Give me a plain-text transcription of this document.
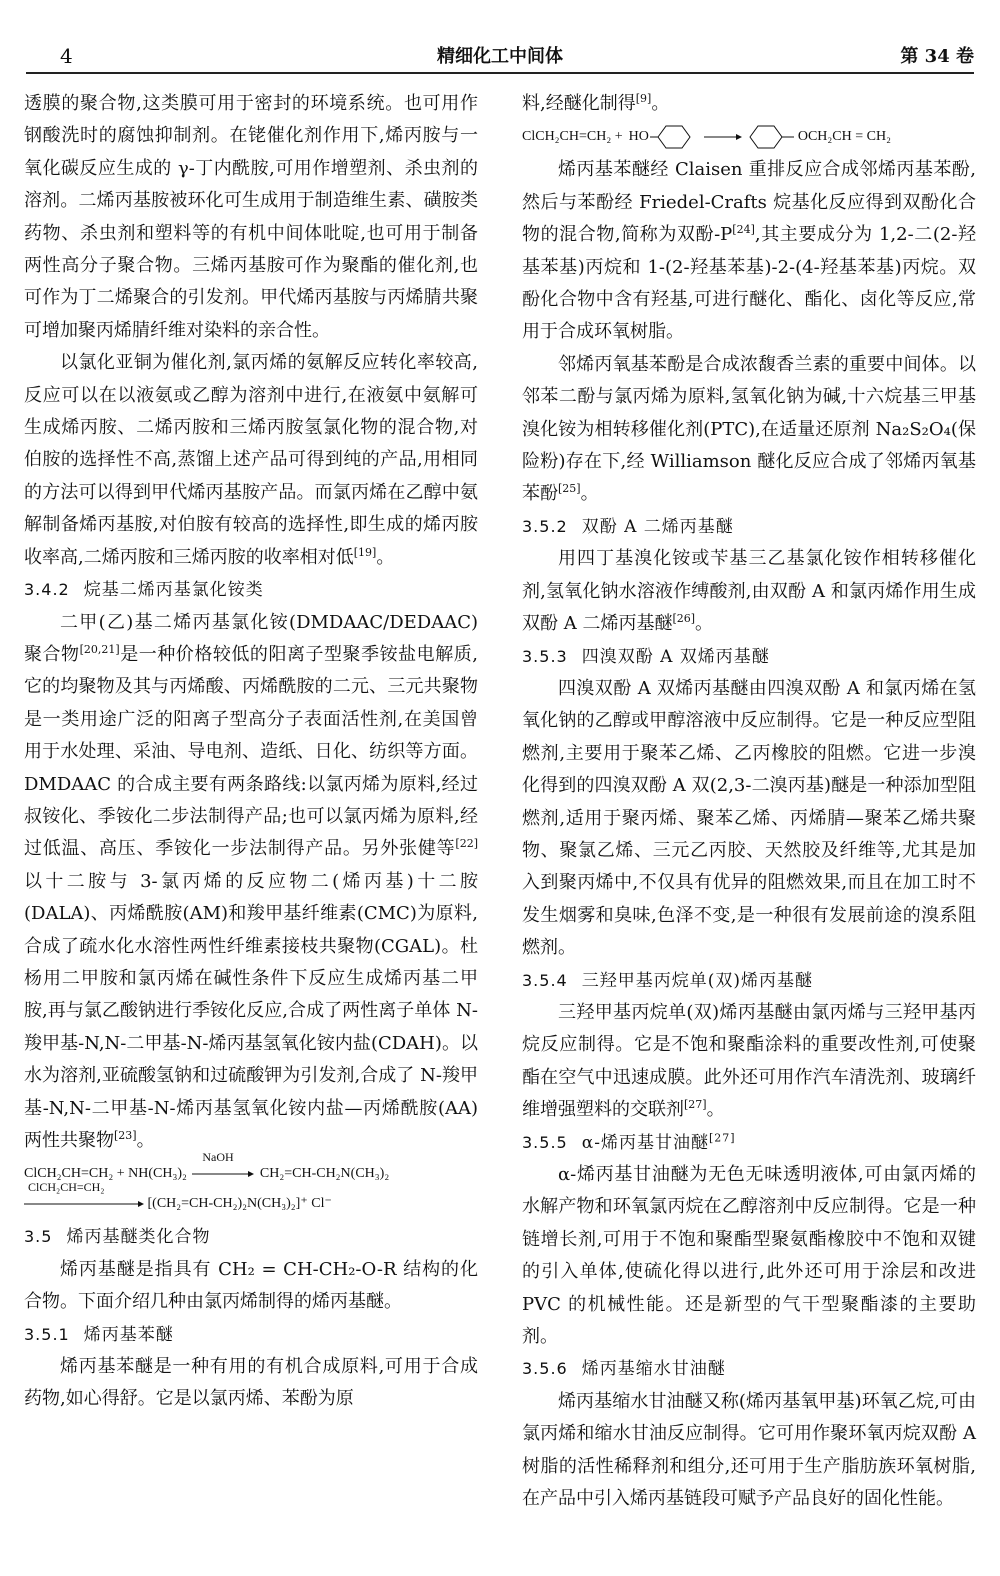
4	精细化工中间体	第 34 卷

透膜的聚合物,这类膜可用于密封的环境系统。也可用作钢酸洗时的腐蚀抑制剂。在铑催化剂作用下,烯丙胺与一氧化碳反应生成的 γ-丁内酰胺,可用作增塑剂、杀虫剂的溶剂。二烯丙基胺被环化可生成用于制造维生素、磺胺类药物、杀虫剂和塑料等的有机中间体吡啶,也可用于制备两性高分子聚合物。三烯丙基胺可作为聚酯的催化剂,也可作为丁二烯聚合的引发剂。甲代烯丙基胺与丙烯腈共聚可增加聚丙烯腈纤维对染料的亲合性。

以氯化亚铜为催化剂,氯丙烯的氨解反应转化率较高,反应可以在以液氨或乙醇为溶剂中进行,在液氨中氨解可生成烯丙胺、二烯丙胺和三烯丙胺氢氯化物的混合物,对伯胺的选择性不高,蒸馏上述产品可得到纯的产品,用相同的方法可以得到甲代烯丙基胺产品。而氯丙烯在乙醇中氨解制备烯丙基胺,对伯胺有较高的选择性,即生成的烯丙胺收率高,二烯丙胺和三烯丙胺的收率相对低[19]。

3.4.2 烷基二烯丙基氯化铵类

二甲(乙)基二烯丙基氯化铵(DMDAAC/DEDAAC)聚合物[20,21]是一种价格较低的阳离子型聚季铵盐电解质,它的均聚物及其与丙烯酸、丙烯酰胺的二元、三元共聚物是一类用途广泛的阳离子型高分子表面活性剂,在美国曾用于水处理、采油、导电剂、造纸、日化、纺织等方面。DMDAAC 的合成主要有两条路线:以氯丙烯为原料,经过叔铵化、季铵化二步法制得产品;也可以氯丙烯为原料,经过低温、高压、季铵化一步法制得产品。另外张健等[22]以十二胺与 3-氯丙烯的反应物二(烯丙基)十二胺(DALA)、丙烯酰胺(AM)和羧甲基纤维素(CMC)为原料,合成了疏水化水溶性两性纤维素接枝共聚物(CGAL)。杜杨用二甲胺和氯丙烯在碱性条件下反应生成烯丙基二甲胺,再与氯乙酸钠进行季铵化反应,合成了两性离子单体 N-羧甲基-N,N-二甲基-N-烯丙基氢氧化铵内盐(CDAH)。以水为溶剂,亚硫酸氢钠和过硫酸钾为引发剂,合成了 N-羧甲基-N,N-二甲基-N-烯丙基氢氧化铵内盐—丙烯酰胺(AA)两性共聚物[23]。

ClCH₂CH=CH₂ + NH(CH₃)₂
NaOH
CH₂=CH-CH₂N(CH₃)₂
ClCH₂CH=CH₂
[(CH₂=CH-CH₂)₂N(CH₃)₂]⁺ Cl⁻
3.5 烯丙基醚类化合物

烯丙基醚是指具有 CH₂ = CH-CH₂-O-R 结构的化合物。下面介绍几种由氯丙烯制得的烯丙基醚。

3.5.1 烯丙基苯醚

烯丙基苯醚是一种有用的有机合成原料,可用于合成药物,如心得舒。它是以氯丙烯、苯酚为原

料,经醚化制得[9]。

ClCH₂CH=CH₂ + HO	OCH₂CH = CH₂

烯丙基苯醚经 Claisen 重排反应合成邻烯丙基苯酚,然后与苯酚经 Friedel-Crafts 烷基化反应得到双酚化合物的混合物,简称为双酚-P[24],其主要成分为 1,2-二(2-羟基苯基)丙烷和 1-(2-羟基苯基)-2-(4-羟基苯基)丙烷。双酚化合物中含有羟基,可进行醚化、酯化、卤化等反应,常用于合成环氧树脂。

邻烯丙氧基苯酚是合成浓馥香兰素的重要中间体。以邻苯二酚与氯丙烯为原料,氢氧化钠为碱,十六烷基三甲基溴化铵为相转移催化剂(PTC),在适量还原剂 Na₂S₂O₄(保险粉)存在下,经 Williamson 醚化反应合成了邻烯丙氧基苯酚[25]。

3.5.2 双酚 A 二烯丙基醚

用四丁基溴化铵或苄基三乙基氯化铵作相转移催化剂,氢氧化钠水溶液作缚酸剂,由双酚 A 和氯丙烯作用生成双酚 A 二烯丙基醚[26]。

3.5.3 四溴双酚 A 双烯丙基醚

四溴双酚 A 双烯丙基醚由四溴双酚 A 和氯丙烯在氢氧化钠的乙醇或甲醇溶液中反应制得。它是一种反应型阻燃剂,主要用于聚苯乙烯、乙丙橡胶的阻燃。它进一步溴化得到的四溴双酚 A 双(2,3-二溴丙基)醚是一种添加型阻燃剂,适用于聚丙烯、聚苯乙烯、丙烯腈—聚苯乙烯共聚物、聚氯乙烯、三元乙丙胶、天然胶及纤维等,尤其是加入到聚丙烯中,不仅具有优异的阻燃效果,而且在加工时不发生烟雾和臭味,色泽不变,是一种很有发展前途的溴系阻燃剂。

3.5.4 三羟甲基丙烷单(双)烯丙基醚

三羟甲基丙烷单(双)烯丙基醚由氯丙烯与三羟甲基丙烷反应制得。它是不饱和聚酯涂料的重要改性剂,可使聚酯在空气中迅速成膜。此外还可用作汽车清洗剂、玻璃纤维增强塑料的交联剂[27]。

3.5.5 α-烯丙基甘油醚[27]

α-烯丙基甘油醚为无色无味透明液体,可由氯丙烯的水解产物和环氧氯丙烷在乙醇溶剂中反应制得。它是一种链增长剂,可用于不饱和聚酯型聚氨酯橡胶中不饱和双键的引入单体,使硫化得以进行,此外还可用于涂层和改进 PVC 的机械性能。还是新型的气干型聚酯漆的主要助剂。

3.5.6 烯丙基缩水甘油醚

烯丙基缩水甘油醚又称(烯丙基氧甲基)环氧乙烷,可由氯丙烯和缩水甘油反应制得。它可用作聚环氧丙烷双酚 A 树脂的活性稀释剂和组分,还可用于生产脂肪族环氧树脂,在产品中引入烯丙基链段可赋予产品良好的固化性能。
